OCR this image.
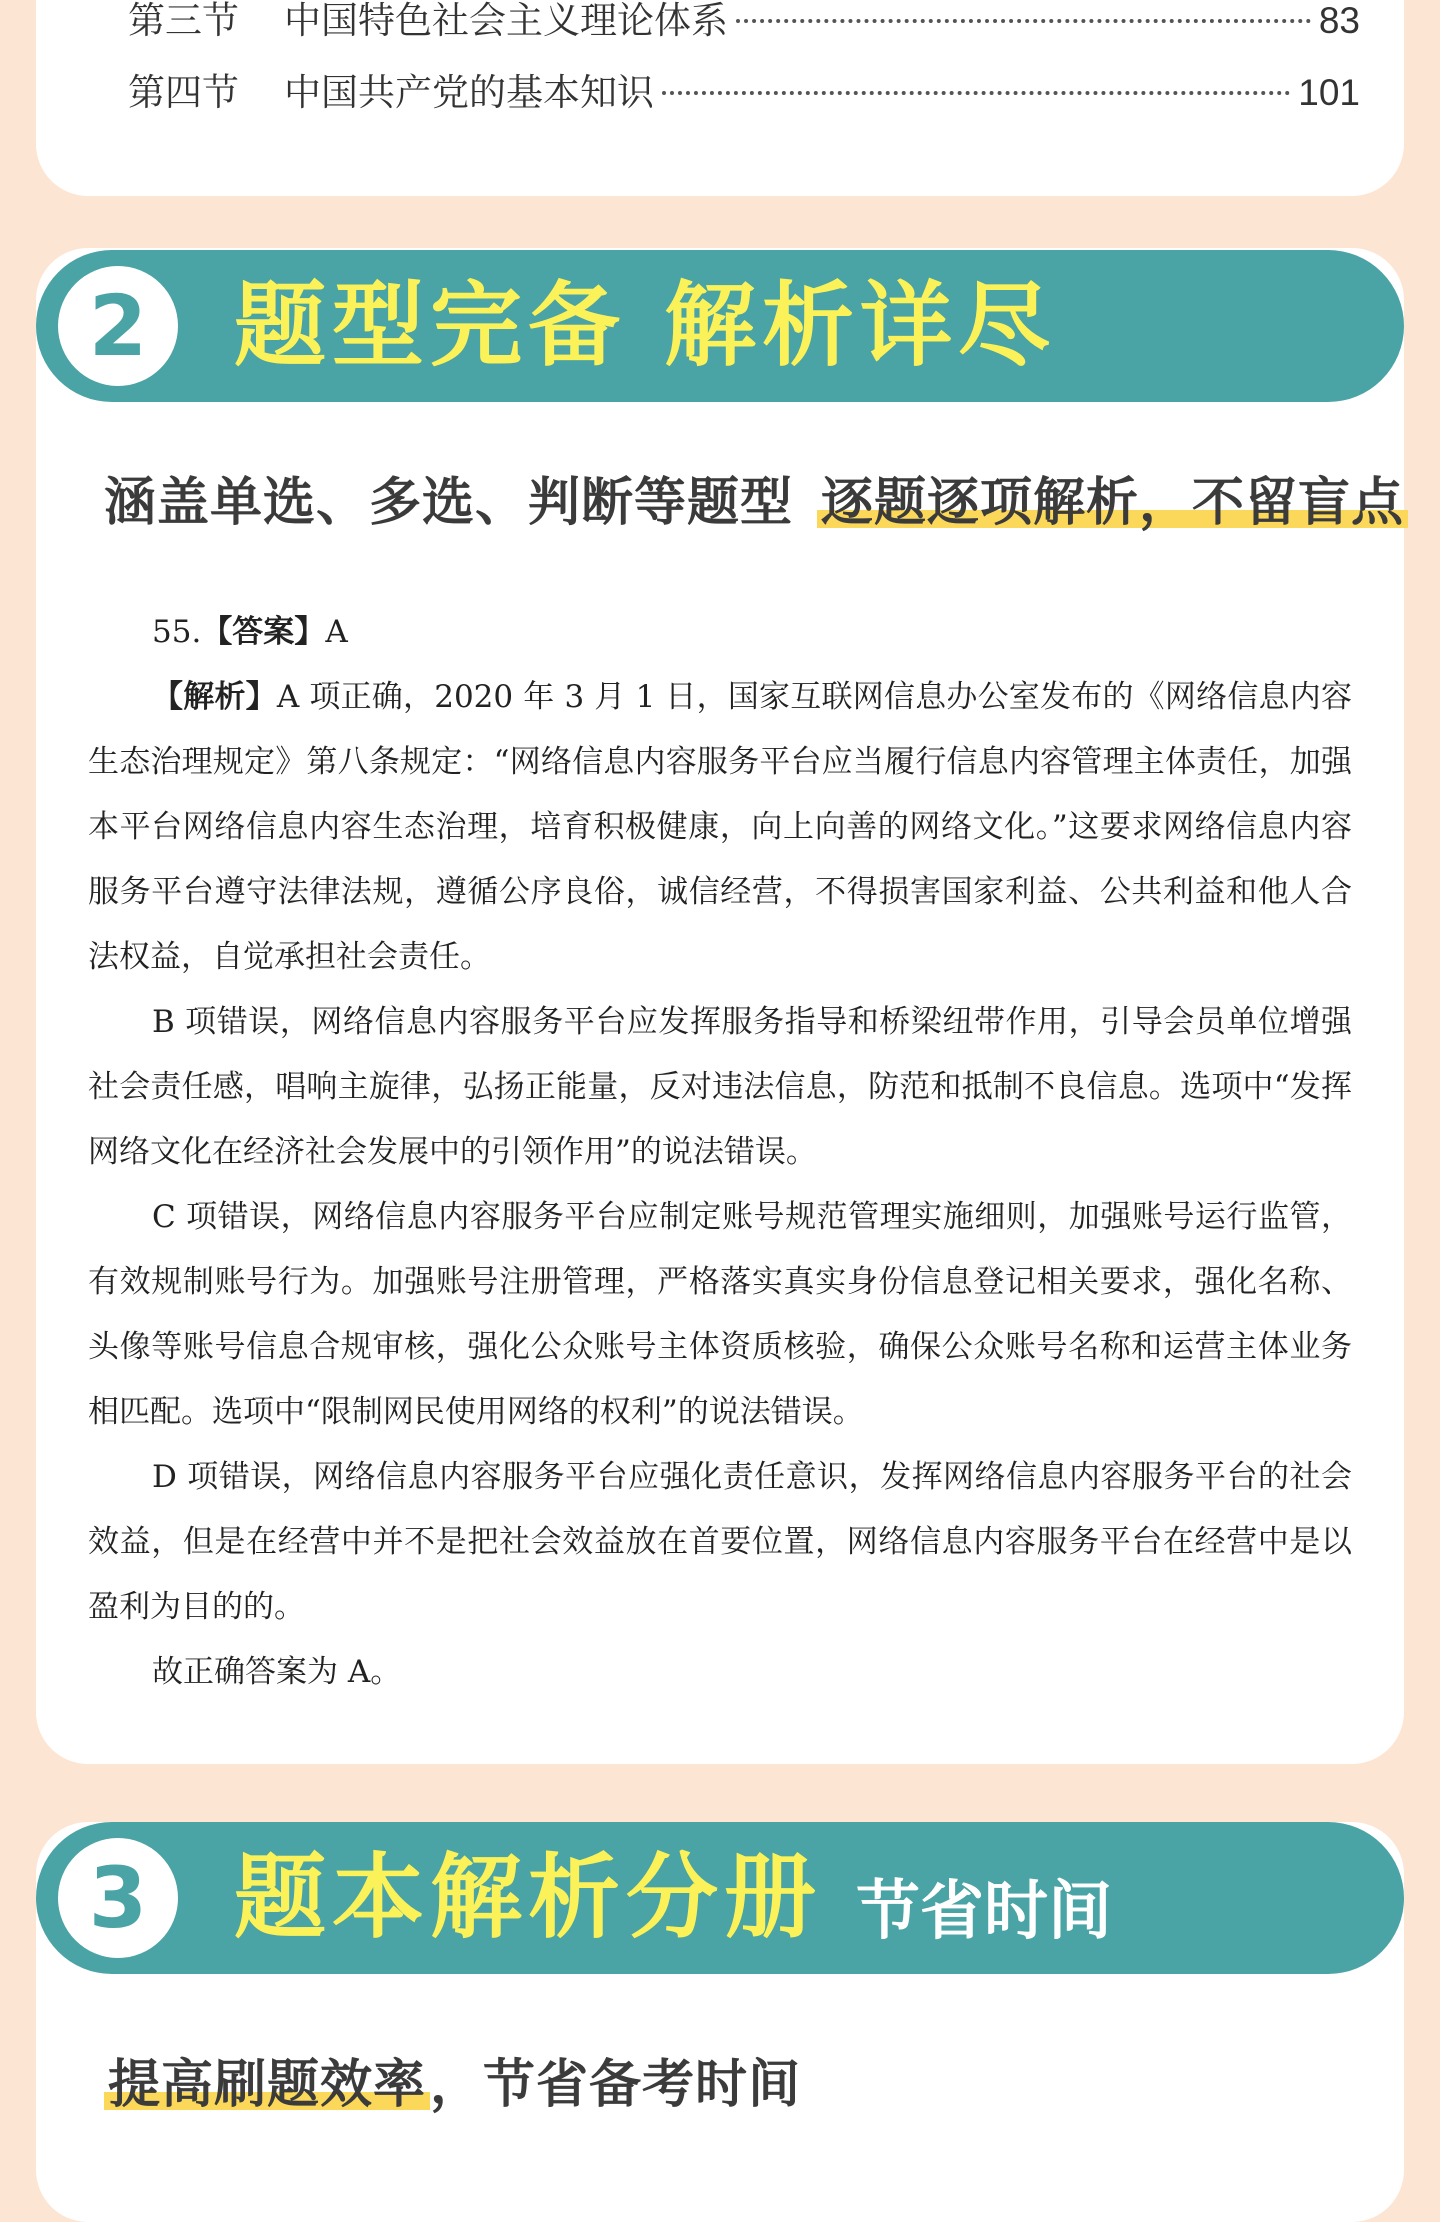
第三节	中国特色社会主义理论体系	83
第四节	中国共产党的基本知识	101
2 题型完备 解析详尽
涵盖单选、多选、判断等题型 逐题逐项解析，不留盲点

55.【答案】A

【解析】A 项正确，2020 年 3 月 1 日，国家互联网信息办公室发布的《网络信息内容生态治理规定》第八条规定：“网络信息内容服务平台应当履行信息内容管理主体责任，加强本平台网络信息内容生态治理，培育积极健康，向上向善的网络文化。”这要求网络信息内容服务平台遵守法律法规，遵循公序良俗，诚信经营，不得损害国家利益、公共利益和他人合法权益，自觉承担社会责任。

B 项错误，网络信息内容服务平台应发挥服务指导和桥梁纽带作用，引导会员单位增强社会责任感，唱响主旋律，弘扬正能量，反对违法信息，防范和抵制不良信息。选项中“发挥网络文化在经济社会发展中的引领作用”的说法错误。

C 项错误，网络信息内容服务平台应制定账号规范管理实施细则，加强账号运行监管，有效规制账号行为。加强账号注册管理，严格落实真实身份信息登记相关要求，强化名称、头像等账号信息合规审核，强化公众账号主体资质核验，确保公众账号名称和运营主体业务相匹配。选项中“限制网民使用网络的权利”的说法错误。

D 项错误，网络信息内容服务平台应强化责任意识，发挥网络信息内容服务平台的社会效益，但是在经营中并不是把社会效益放在首要位置，网络信息内容服务平台在经营中是以盈利为目的的。

故正确答案为 A。

3 题本解析分册 节省时间
提高刷题效率，节省备考时间
